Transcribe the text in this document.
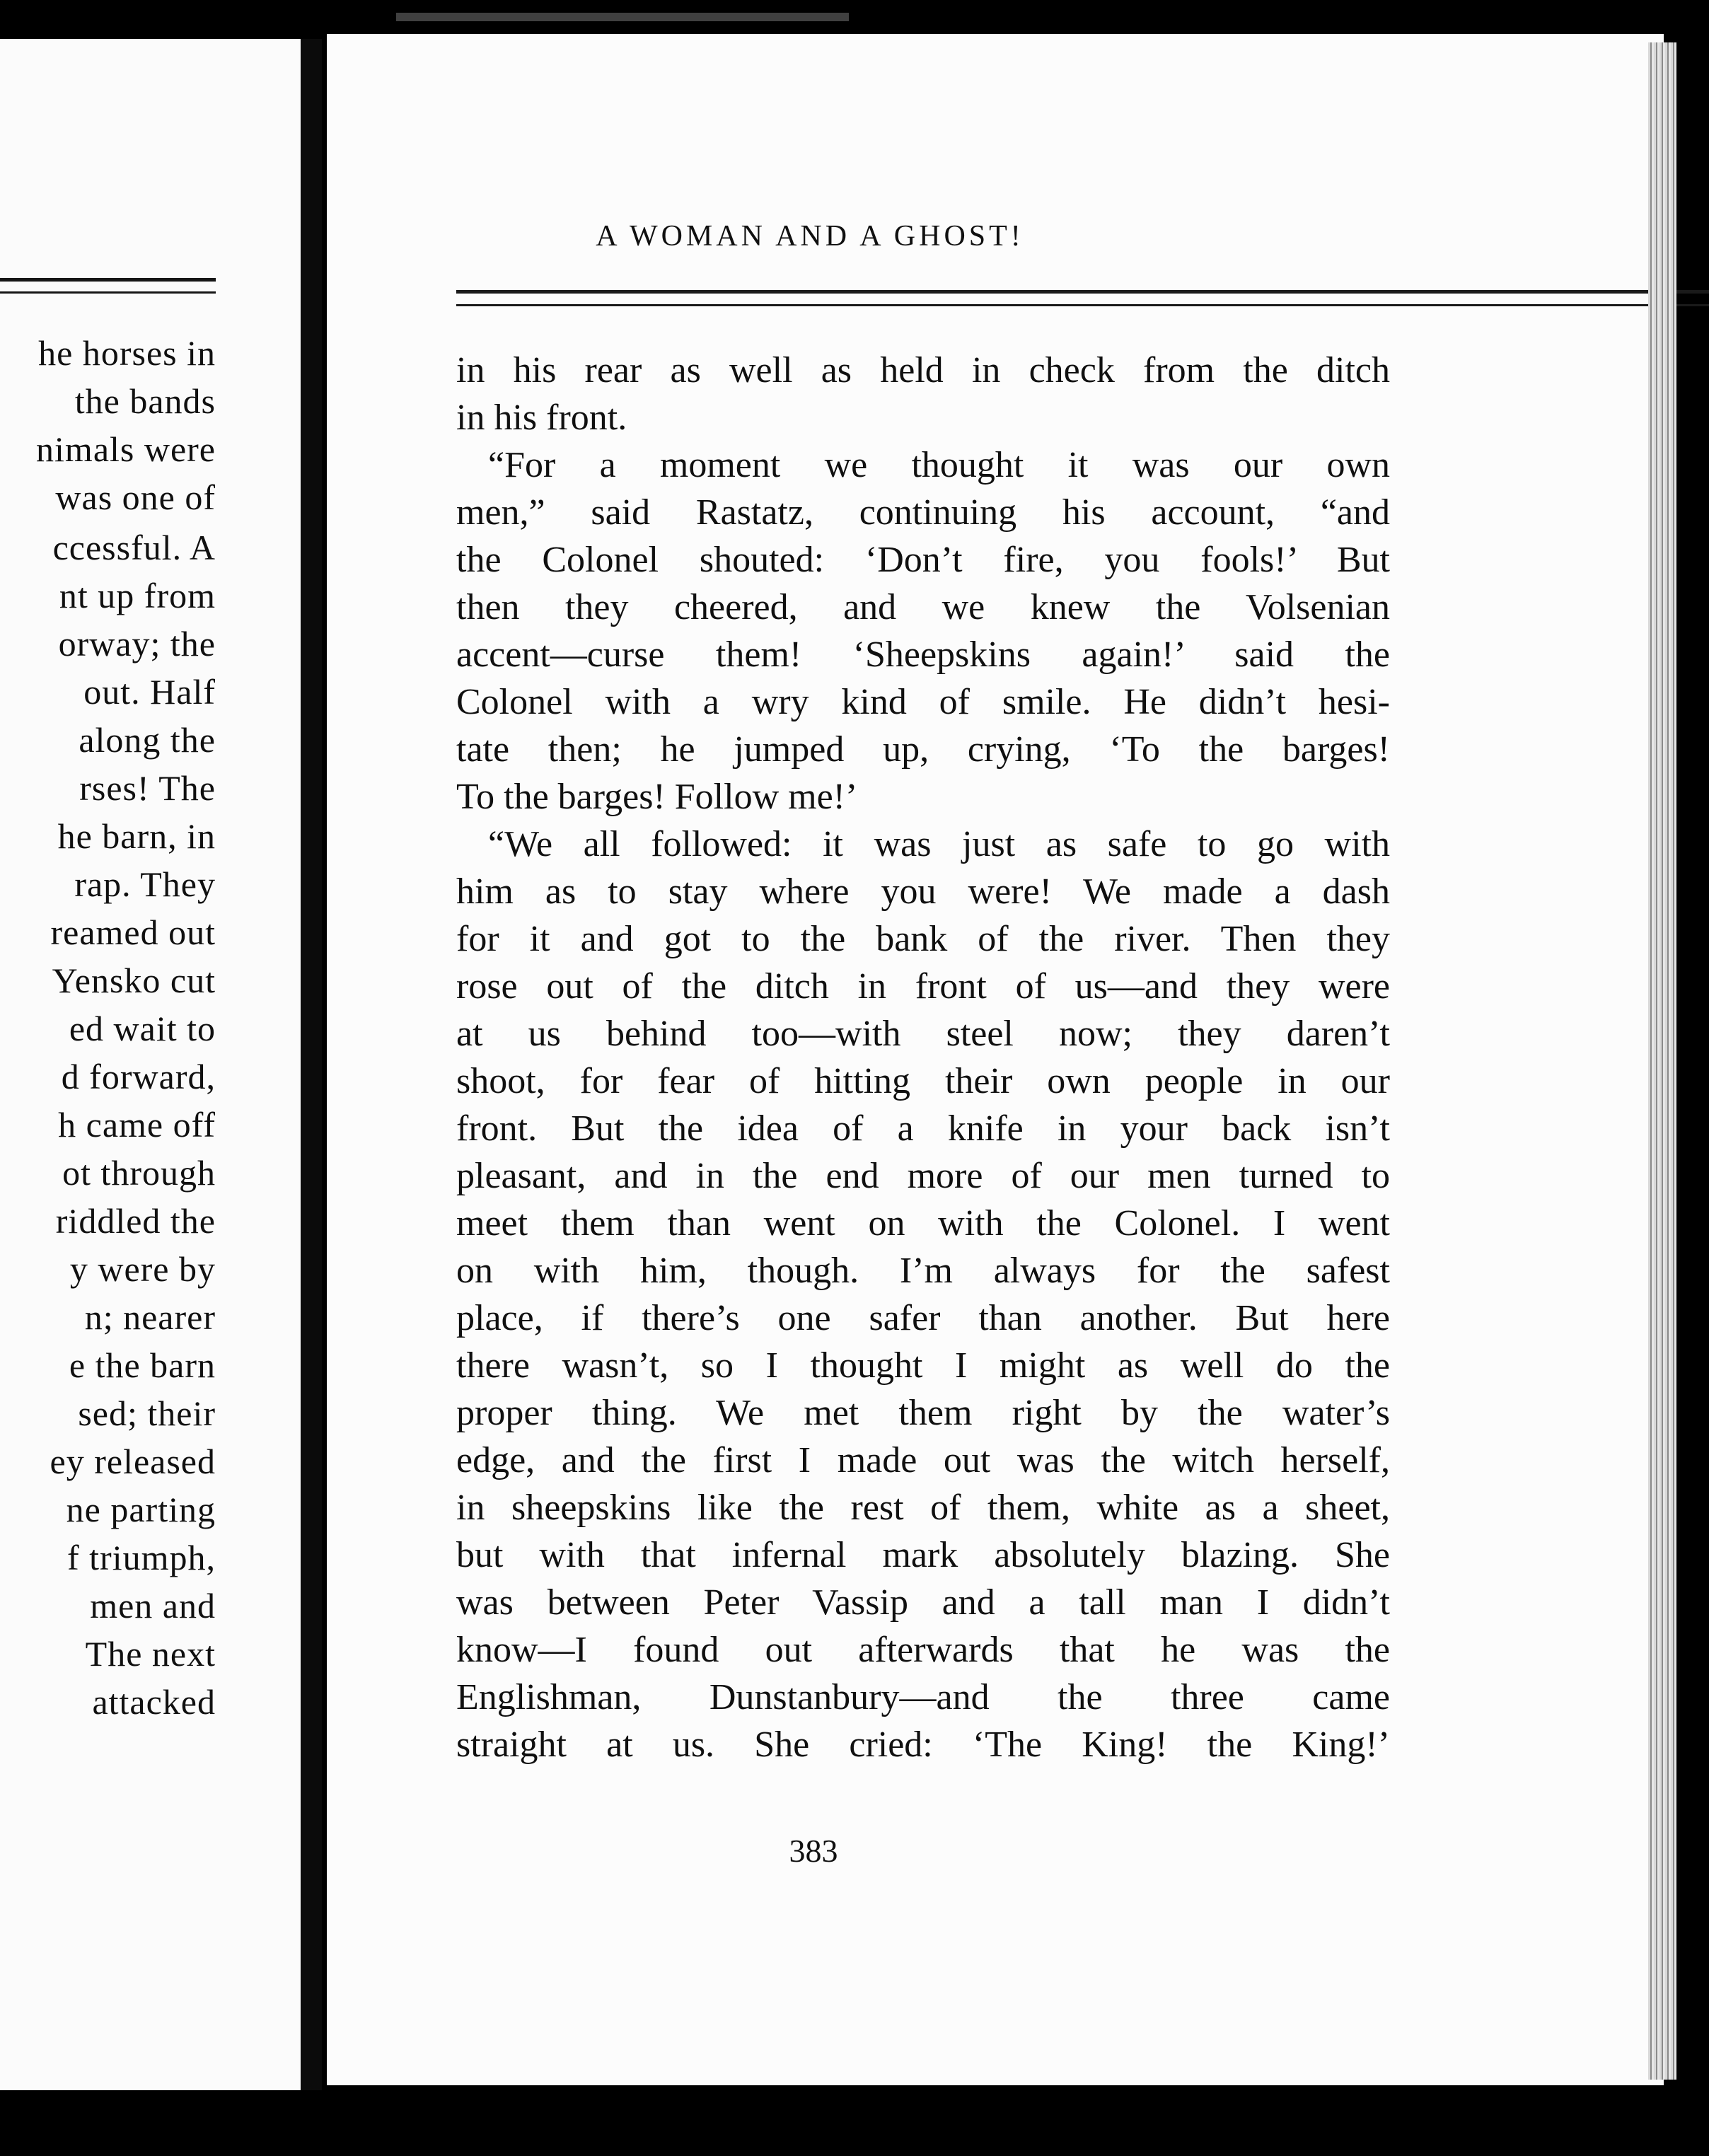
he horses in
the bands
nimals were
was one of
ccessful. A
nt up from
orway; the
out. Half
along the
rses! The
he barn, in
rap. They
reamed out
Yensko cut
ed wait to
d forward,
h came off
ot through
riddled the
y were by
n; nearer
e the barn
sed; their
ey released
ne parting
f triumph,
men and
The next
attacked
A WOMAN AND A GHOST!
in his rear as well as held in check from the ditch
in his front.
“For a moment we thought it was our own
men,” said Rastatz, continuing his account, “and
the Colonel shouted: ‘Don’t fire, you fools!’ But
then they cheered, and we knew the Volsenian
accent—curse them! ‘Sheepskins again!’ said the
Colonel with a wry kind of smile. He didn’t hesi-
tate then; he jumped up, crying, ‘To the barges!
To the barges! Follow me!’
“We all followed: it was just as safe to go with
him as to stay where you were! We made a dash
for it and got to the bank of the river. Then they
rose out of the ditch in front of us—and they were
at us behind too—with steel now; they daren’t
shoot, for fear of hitting their own people in our
front. But the idea of a knife in your back isn’t
pleasant, and in the end more of our men turned to
meet them than went on with the Colonel. I went
on with him, though. I’m always for the safest
place, if there’s one safer than another. But here
there wasn’t, so I thought I might as well do the
proper thing. We met them right by the water’s
edge, and the first I made out was the witch herself,
in sheepskins like the rest of them, white as a sheet,
but with that infernal mark absolutely blazing. She
was between Peter Vassip and a tall man I didn’t
know—I found out afterwards that he was the
Englishman, Dunstanbury—and the three came
straight at us. She cried: ‘The King! the King!’
383
